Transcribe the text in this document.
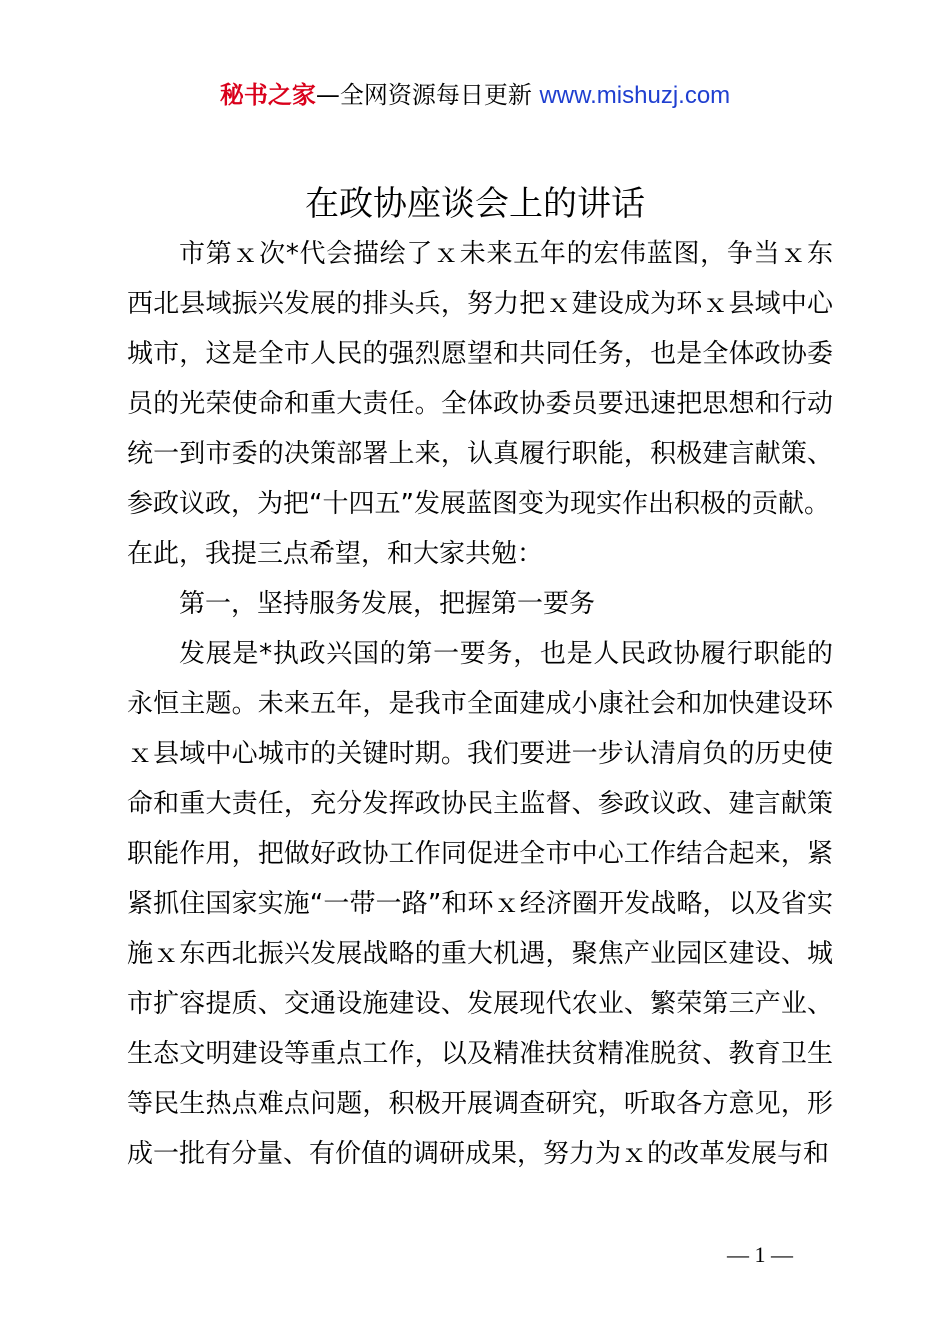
秘书之家—全网资源每日更新 www.mishuzj.com
在政协座谈会上的讲话

市第ｘ次*代会描绘了ｘ未来五年的宏伟蓝图，争当ｘ东西北县域振兴发展的排头兵，努力把ｘ建设成为环ｘ县域中心城市，这是全市人民的强烈愿望和共同任务，也是全体政协委员的光荣使命和重大责任。全体政协委员要迅速把思想和行动统一到市委的决策部署上来，认真履行职能，积极建言献策、参政议政，为把“十四五”发展蓝图变为现实作出积极的贡献。

在此，我提三点希望，和大家共勉：

第一，坚持服务发展，把握第一要务

发展是*执政兴国的第一要务，也是人民政协履行职能的永恒主题。未来五年，是我市全面建成小康社会和加快建设环ｘ县域中心城市的关键时期。我们要进一步认清肩负的历史使命和重大责任，充分发挥政协民主监督、参政议政、建言献策职能作用，把做好政协工作同促进全市中心工作结合起来，紧紧抓住国家实施“一带一路”和环ｘ经济圈开发战略，以及省实施ｘ东西北振兴发展战略的重大机遇，聚焦产业园区建设、城市扩容提质、交通设施建设、发展现代农业、繁荣第三产业、生态文明建设等重点工作，以及精准扶贫精准脱贫、教育卫生等民生热点难点问题，积极开展调查研究，听取各方意见，形成一批有分量、有价值的调研成果，努力为ｘ的改革发展与和

— 1 —
